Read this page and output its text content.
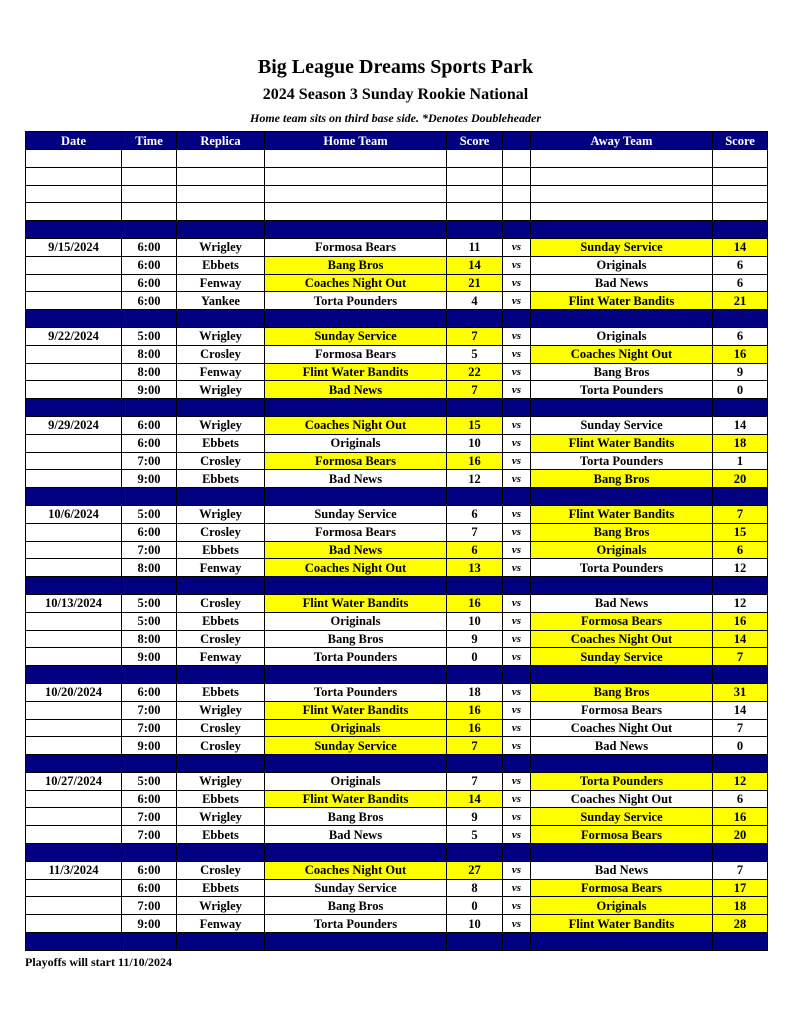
Big League Dreams Sports Park
2024 Season 3 Sunday Rookie National
Home team sits on third base side. *Denotes Doubleheader
Date	Time	Replica	Home Team	Score		Away Team	Score

9/15/2024	6:00	Wrigley	Formosa Bears	11	vs	Sunday Service	14
	6:00	Ebbets	Bang Bros	14	vs	Originals	6
	6:00	Fenway	Coaches Night Out	21	vs	Bad News	6
	6:00	Yankee	Torta Pounders	4	vs	Flint Water Bandits	21

9/22/2024	5:00	Wrigley	Sunday Service	7	vs	Originals	6
	8:00	Crosley	Formosa Bears	5	vs	Coaches Night Out	16
	8:00	Fenway	Flint Water Bandits	22	vs	Bang Bros	9
	9:00	Wrigley	Bad News	7	vs	Torta Pounders	0

9/29/2024	6:00	Wrigley	Coaches Night Out	15	vs	Sunday Service	14
	6:00	Ebbets	Originals	10	vs	Flint Water Bandits	18
	7:00	Crosley	Formosa Bears	16	vs	Torta Pounders	1
	9:00	Ebbets	Bad News	12	vs	Bang Bros	20

10/6/2024	5:00	Wrigley	Sunday Service	6	vs	Flint Water Bandits	7
	6:00	Crosley	Formosa Bears	7	vs	Bang Bros	15
	7:00	Ebbets	Bad News	6	vs	Originals	6
	8:00	Fenway	Coaches Night Out	13	vs	Torta Pounders	12

10/13/2024	5:00	Crosley	Flint Water Bandits	16	vs	Bad News	12
	5:00	Ebbets	Originals	10	vs	Formosa Bears	16
	8:00	Crosley	Bang Bros	9	vs	Coaches Night Out	14
	9:00	Fenway	Torta Pounders	0	vs	Sunday Service	7

10/20/2024	6:00	Ebbets	Torta Pounders	18	vs	Bang Bros	31
	7:00	Wrigley	Flint Water Bandits	16	vs	Formosa Bears	14
	7:00	Crosley	Originals	16	vs	Coaches Night Out	7
	9:00	Crosley	Sunday Service	7	vs	Bad News	0

10/27/2024	5:00	Wrigley	Originals	7	vs	Torta Pounders	12
	6:00	Ebbets	Flint Water Bandits	14	vs	Coaches Night Out	6
	7:00	Wrigley	Bang Bros	9	vs	Sunday Service	16
	7:00	Ebbets	Bad News	5	vs	Formosa Bears	20

11/3/2024	6:00	Crosley	Coaches Night Out	27	vs	Bad News	7
	6:00	Ebbets	Sunday Service	8	vs	Formosa Bears	17
	7:00	Wrigley	Bang Bros	0	vs	Originals	18
	9:00	Fenway	Torta Pounders	10	vs	Flint Water Bandits	28

Playoffs will start 11/10/2024
